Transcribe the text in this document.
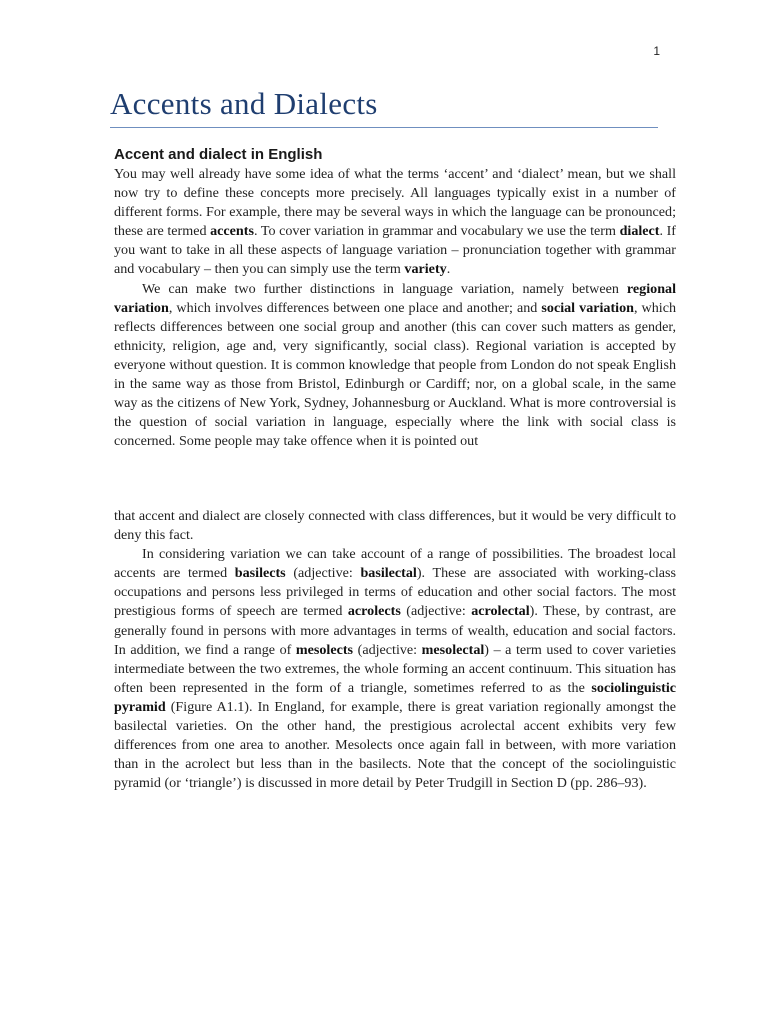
1
Accents and Dialects
Accent and dialect in English

You may well already have some idea of what the terms ‘accent’ and ‘dialect’ mean, but we shall now try to define these concepts more precisely. All languages typically exist in a number of different forms. For example, there may be several ways in which the language can be pronounced; these are termed accents. To cover variation in grammar and vocabulary we use the term dialect. If you want to take in all these aspects of language variation – pronunciation together with grammar and vocabulary – then you can simply use the term variety.

We can make two further distinctions in language variation, namely between regional variation, which involves differences between one place and another; and social variation, which reflects differences between one social group and another (this can cover such matters as gender, ethnicity, religion, age and, very significantly, social class). Regional variation is accepted by everyone without question. It is common knowledge that people from London do not speak English in the same way as those from Bristol, Edinburgh or Cardiff; nor, on a global scale, in the same way as the citizens of New York, Sydney, Johannesburg or Auckland. What is more controversial is the question of social variation in language, especially where the link with social class is concerned. Some people may take offence when it is pointed out

that accent and dialect are closely connected with class differences, but it would be very difficult to deny this fact.

In considering variation we can take account of a range of possibilities. The broadest local accents are termed basilects (adjective: basilectal). These are associated with working-class occupations and persons less privileged in terms of education and other social factors. The most prestigious forms of speech are termed acrolects (adjective: acrolectal). These, by contrast, are generally found in persons with more advantages in terms of wealth, education and social factors. In addition, we find a range of mesolects (adjective: mesolectal) – a term used to cover varieties intermediate between the two extremes, the whole forming an accent continuum. This situation has often been represented in the form of a triangle, sometimes referred to as the sociolinguistic pyramid (Figure A1.1). In England, for example, there is great variation regionally amongst the basilectal varieties. On the other hand, the prestigious acrolectal accent exhibits very few differences from one area to another. Mesolects once again fall in between, with more variation than in the acrolect but less than in the basilects. Note that the concept of the sociolinguistic pyramid (or ‘triangle’) is discussed in more detail by Peter Trudgill in Section D (pp. 286–93).
